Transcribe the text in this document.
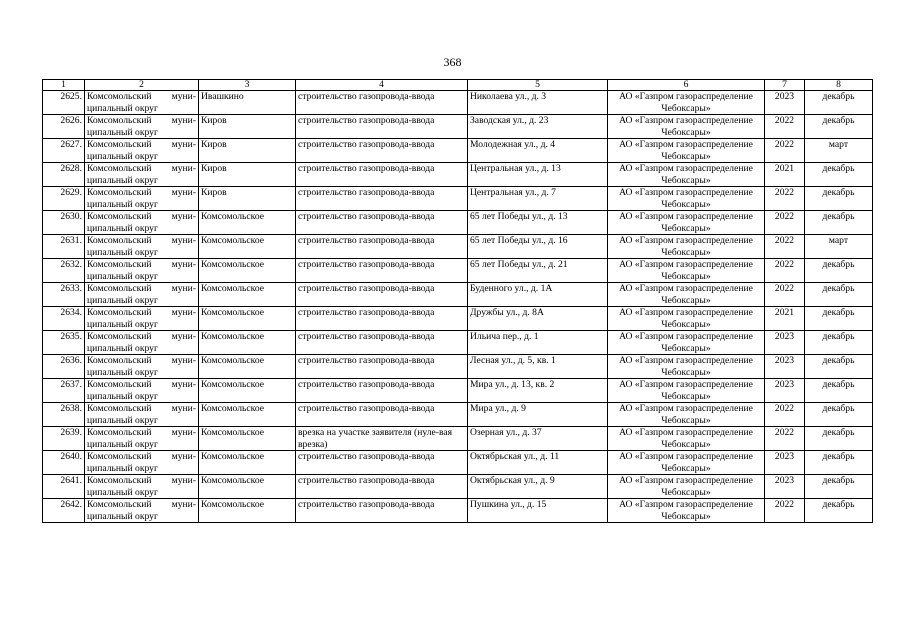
368
1	2	3	4	5	6	7	8
2625.	Комсомольский муни-ципальный округ	Ивашкино	строительство газопровода-ввода	Николаева ул., д. 3	АО «Газпром газораспределение Чебоксары»	2023	декабрь
2626.	Комсомольский муни-ципальный округ	Киров	строительство газопровода-ввода	Заводская ул., д. 23	АО «Газпром газораспределение Чебоксары»	2022	декабрь
2627.	Комсомольский муни-ципальный округ	Киров	строительство газопровода-ввода	Молодежная ул., д. 4	АО «Газпром газораспределение Чебоксары»	2022	март
2628.	Комсомольский муни-ципальный округ	Киров	строительство газопровода-ввода	Центральная ул., д. 13	АО «Газпром газораспределение Чебоксары»	2021	декабрь
2629.	Комсомольский муни-ципальный округ	Киров	строительство газопровода-ввода	Центральная ул., д. 7	АО «Газпром газораспределение Чебоксары»	2022	декабрь
2630.	Комсомольский муни-ципальный округ	Комсомольское	строительство газопровода-ввода	65 лет Победы ул., д. 13	АО «Газпром газораспределение Чебоксары»	2022	декабрь
2631.	Комсомольский муни-ципальный округ	Комсомольское	строительство газопровода-ввода	65 лет Победы ул., д. 16	АО «Газпром газораспределение Чебоксары»	2022	март
2632.	Комсомольский муни-ципальный округ	Комсомольское	строительство газопровода-ввода	65 лет Победы ул., д. 21	АО «Газпром газораспределение Чебоксары»	2022	декабрь
2633.	Комсомольский муни-ципальный округ	Комсомольское	строительство газопровода-ввода	Буденного ул., д. 1А	АО «Газпром газораспределение Чебоксары»	2022	декабрь
2634.	Комсомольский муни-ципальный округ	Комсомольское	строительство газопровода-ввода	Дружбы ул., д. 8А	АО «Газпром газораспределение Чебоксары»	2021	декабрь
2635.	Комсомольский муни-ципальный округ	Комсомольское	строительство газопровода-ввода	Ильича пер., д. 1	АО «Газпром газораспределение Чебоксары»	2023	декабрь
2636.	Комсомольский муни-ципальный округ	Комсомольское	строительство газопровода-ввода	Лесная ул., д. 5, кв. 1	АО «Газпром газораспределение Чебоксары»	2023	декабрь
2637.	Комсомольский муни-ципальный округ	Комсомольское	строительство газопровода-ввода	Мира ул., д. 13, кв. 2	АО «Газпром газораспределение Чебоксары»	2023	декабрь
2638.	Комсомольский муни-ципальный округ	Комсомольское	строительство газопровода-ввода	Мира ул., д. 9	АО «Газпром газораспределение Чебоксары»	2022	декабрь
2639.	Комсомольский муни-ципальный округ	Комсомольское	врезка на участке заявителя (нуле-вая врезка)	Озерная ул., д. 37	АО «Газпром газораспределение Чебоксары»	2022	декабрь
2640.	Комсомольский муни-ципальный округ	Комсомольское	строительство газопровода-ввода	Октябрьская ул., д. 11	АО «Газпром газораспределение Чебоксары»	2023	декабрь
2641.	Комсомольский муни-ципальный округ	Комсомольское	строительство газопровода-ввода	Октябрьская ул., д. 9	АО «Газпром газораспределение Чебоксары»	2023	декабрь
2642.	Комсомольский муни-ципальный округ	Комсомольское	строительство газопровода-ввода	Пушкина ул., д. 15	АО «Газпром газораспределение Чебоксары»	2022	декабрь
